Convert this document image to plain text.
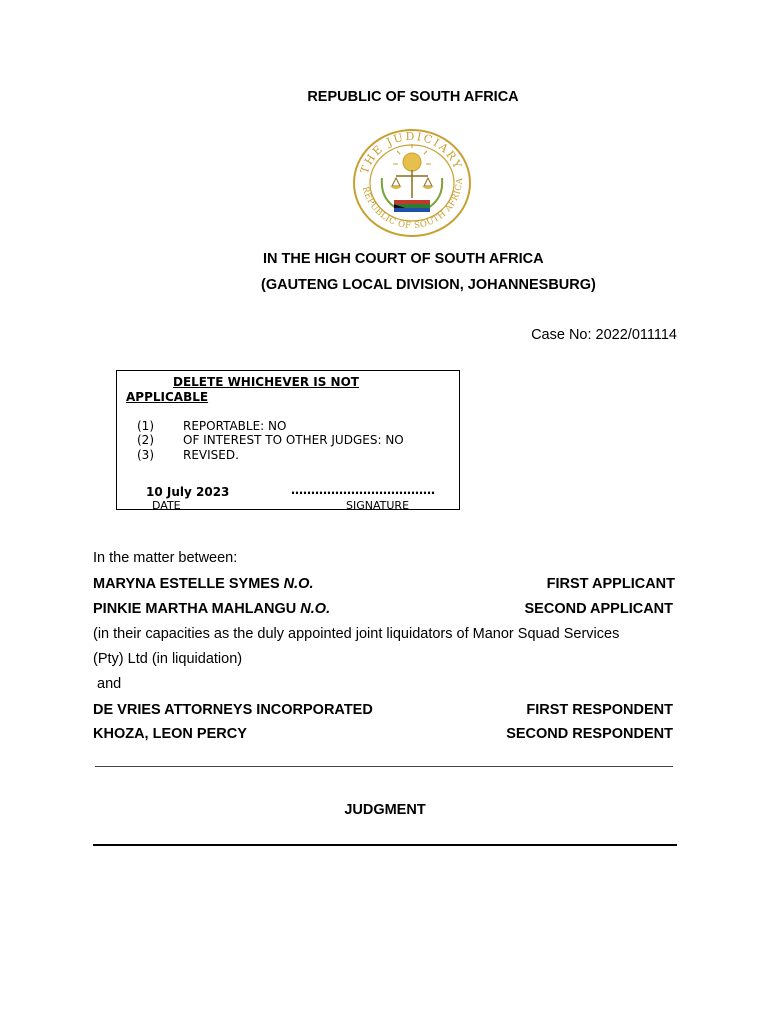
REPUBLIC OF SOUTH AFRICA
THE JUDICIARY
REPUBLIC OF SOUTH AFRICA
IN THE HIGH COURT OF SOUTH AFRICA
(GAUTENG LOCAL DIVISION, JOHANNESBURG)
Case No: 2022/011114
DELETE WHICHEVER IS NOT
APPLICABLE
(1) REPORTABLE: NO
(2) OF INTEREST TO OTHER JUDGES: NO
(3) REVISED.
10 July 2023	………………………………
DATE	SIGNATURE
In the matter between:
MARYNA ESTELLE SYMES N.O.	FIRST APPLICANT
PINKIE MARTHA MAHLANGU N.O.	SECOND APPLICANT
(in their capacities as the duly appointed joint liquidators of Manor Squad Services
(Pty) Ltd (in liquidation)
and
DE VRIES ATTORNEYS INCORPORATED	FIRST RESPONDENT
KHOZA, LEON PERCY	SECOND RESPONDENT
JUDGMENT
